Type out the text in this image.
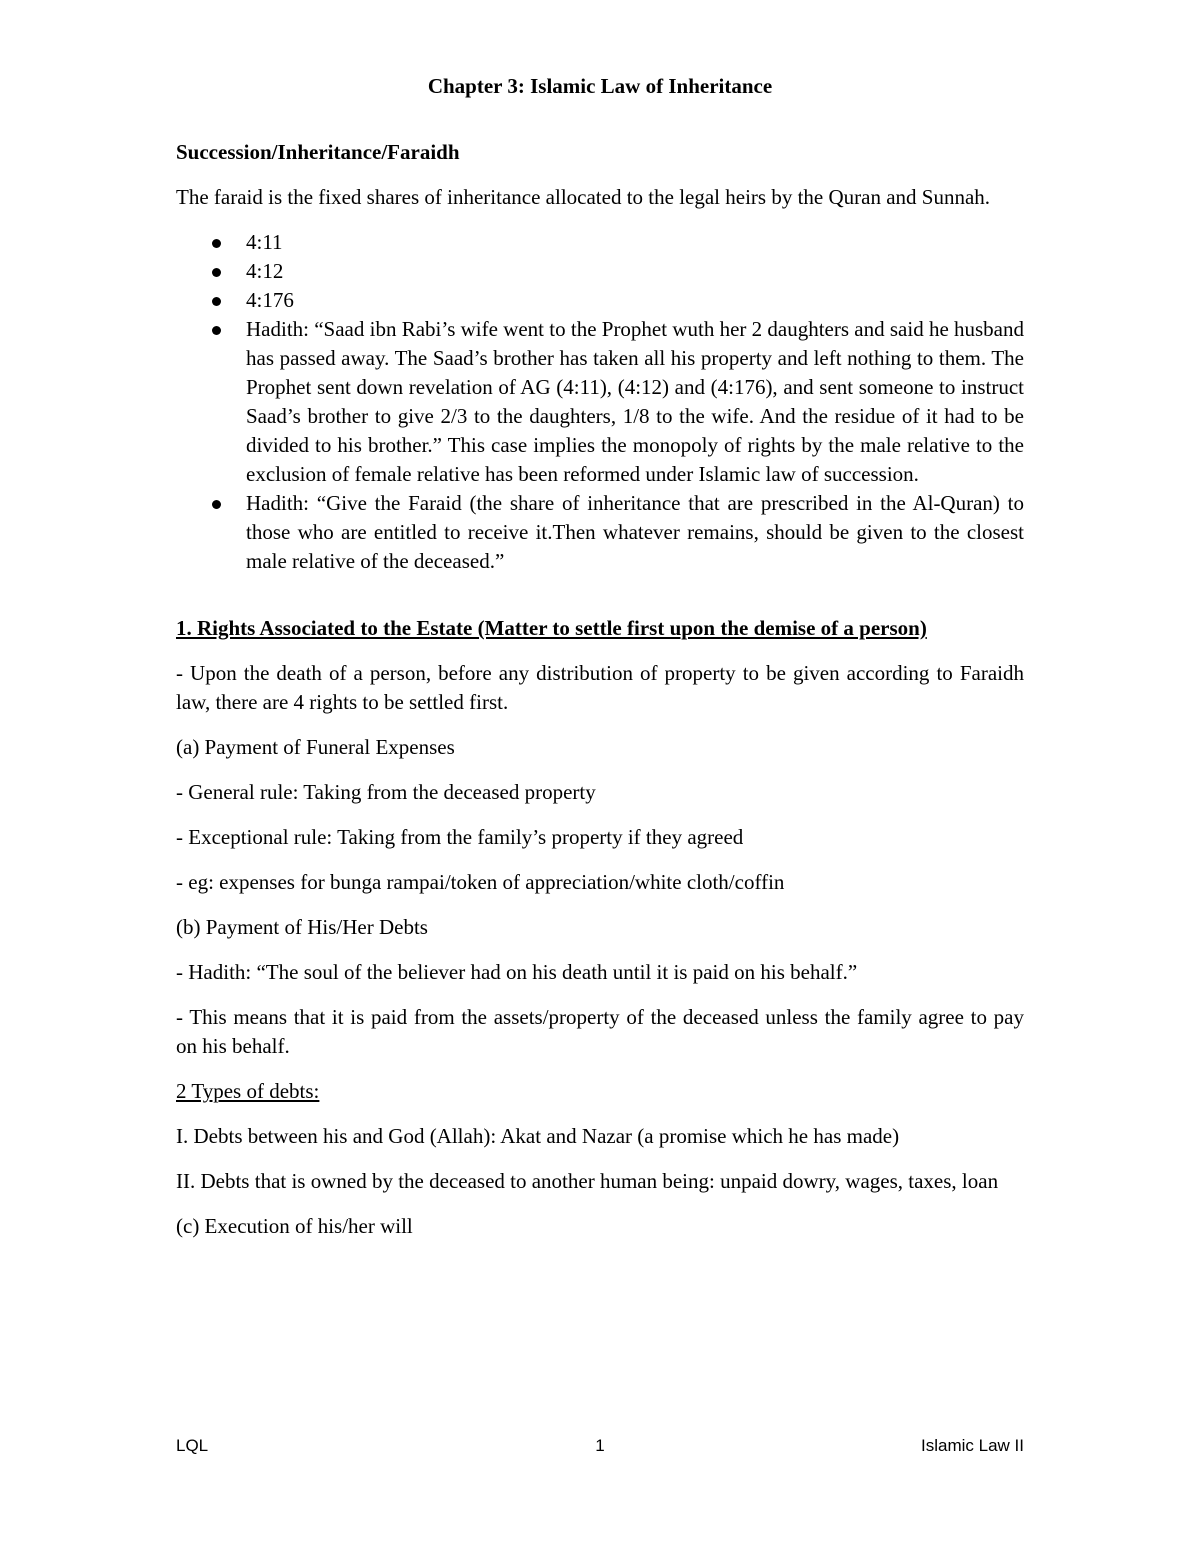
Chapter 3: Islamic Law of Inheritance

Succession/Inheritance/Faraidh

The faraid is the fixed shares of inheritance allocated to the legal heirs by the Quran and Sunnah.

4:11
4:12
4:176
Hadith: “Saad ibn Rabi’s wife went to the Prophet wuth her 2 daughters and said he husband has passed away. The Saad’s brother has taken all his property and left nothing to them. The Prophet sent down revelation of AG (4:11), (4:12) and (4:176), and sent someone to instruct Saad’s brother to give 2/3 to the daughters, 1/8 to the wife. And the residue of it had to be divided to his brother.” This case implies the monopoly of rights by the male relative to the exclusion of female relative has been reformed under Islamic law of succession.
Hadith: “Give the Faraid (the share of inheritance that are prescribed in the Al-Quran) to those who are entitled to receive it.Then whatever remains, should be given to the closest male relative of the deceased.”

1. Rights Associated to the Estate (Matter to settle first upon the demise of a person)

- Upon the death of a person, before any distribution of property to be given according to Faraidh law, there are 4 rights to be settled first.

(a) Payment of Funeral Expenses

- General rule: Taking from the deceased property

- Exceptional rule: Taking from the family’s property if they agreed

- eg: expenses for bunga rampai/token of appreciation/white cloth/coffin

(b) Payment of His/Her Debts

- Hadith: “The soul of the believer had on his death until it is paid on his behalf.”

- This means that it is paid from the assets/property of the deceased unless the family agree to pay on his behalf.

2 Types of debts:

I. Debts between his and God (Allah): Akat and Nazar (a promise which he has made)

II. Debts that is owned by the deceased to another human being: unpaid dowry, wages, taxes, loan

(c) Execution of his/her will

LQL	1	Islamic Law II
